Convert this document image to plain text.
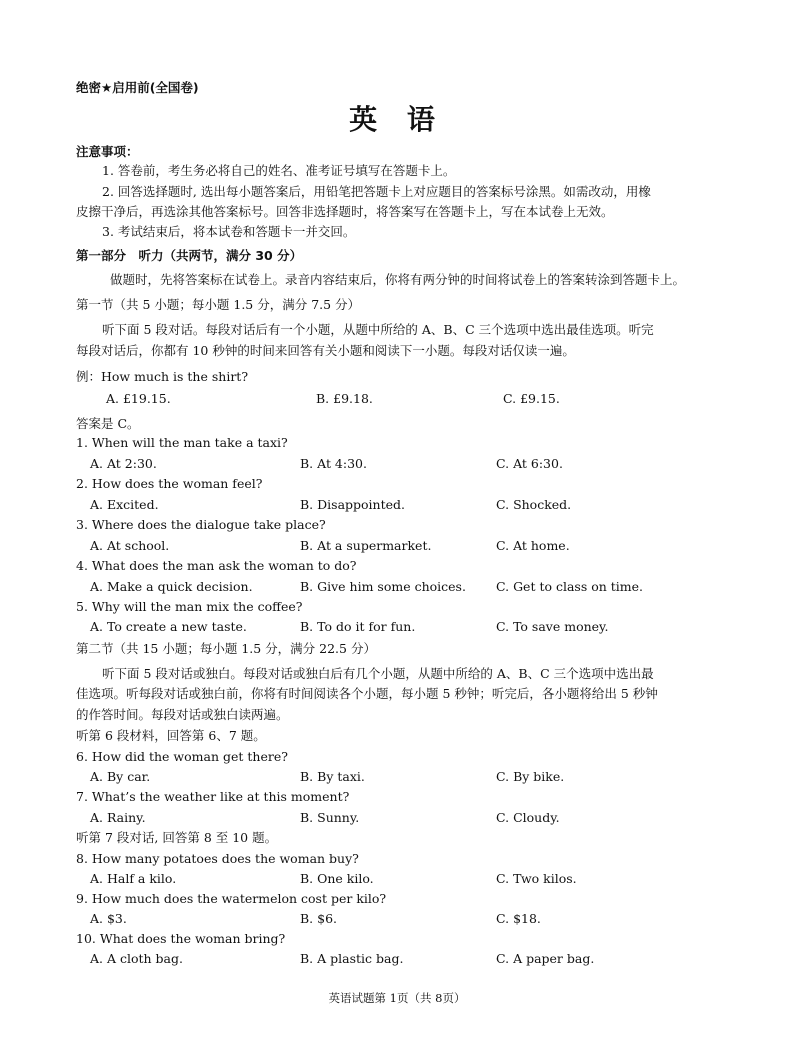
绝密★启用前(全国卷)
英 语
注意事项：
1. 答卷前，考生务必将自己的姓名、准考证号填写在答题卡上。
2. 回答选择题时, 选出每小题答案后，用铅笔把答题卡上对应题目的答案标号涂黑。如需改动，用橡
皮擦干净后，再选涂其他答案标号。回答非选择题时，将答案写在答题卡上，写在本试卷上无效。
3. 考试结束后，将本试卷和答题卡一并交回。
第一部分　听力（共两节，满分 30 分）
做题时，先将答案标在试卷上。录音内容结束后，你将有两分钟的时间将试卷上的答案转涂到答题卡上。
第一节（共 5 小题；每小题 1.5 分，满分 7.5 分）
听下面 5 段对话。每段对话后有一个小题，从题中所给的 A、B、C 三个选项中选出最佳选项。听完
每段对话后，你都有 10 秒钟的时间来回答有关小题和阅读下一小题。每段对话仅读一遍。
例：How much is the shirt?
A. £19.15.	B. £9.18.	C. £9.15.
答案是 C。
1. When will the man take a taxi?
A. At 2:30.	B. At 4:30.	C. At 6:30.
2. How does the woman feel?
A. Excited.	B. Disappointed.	C. Shocked.
3. Where does the dialogue take place?
A. At school.	B. At a supermarket.	C. At home.
4. What does the man ask the woman to do?
A. Make a quick decision.	B. Give him some choices. C. Get to class on time.
5. Why will the man mix the coffee?
A. To create a new taste.	B. To do it for fun.	C. To save money.
第二节（共 15 小题；每小题 1.5 分，满分 22.5 分）
听下面 5 段对话或独白。每段对话或独白后有几个小题，从题中所给的 A、B、C 三个选项中选出最
佳选项。听每段对话或独白前，你将有时间阅读各个小题，每小题 5 秒钟；听完后，各小题将给出 5 秒钟
的作答时间。每段对话或独白读两遍。
听第 6 段材料，回答第 6、7 题。
6. How did the woman get there?
A. By car.	B. By taxi.	C. By bike.
7. What’s the weather like at this moment?
A. Rainy.	B. Sunny.	C. Cloudy.
听第 7 段对话, 回答第 8 至 10 题。
8. How many potatoes does the woman buy?
A. Half a kilo.	B. One kilo.	C. Two kilos.
9. How much does the watermelon cost per kilo?
A. $3.	B. $6.	C. $18.
10. What does the woman bring?
A. A cloth bag.	B. A plastic bag.	C. A paper bag.
英语试题第 1页（共 8页）
